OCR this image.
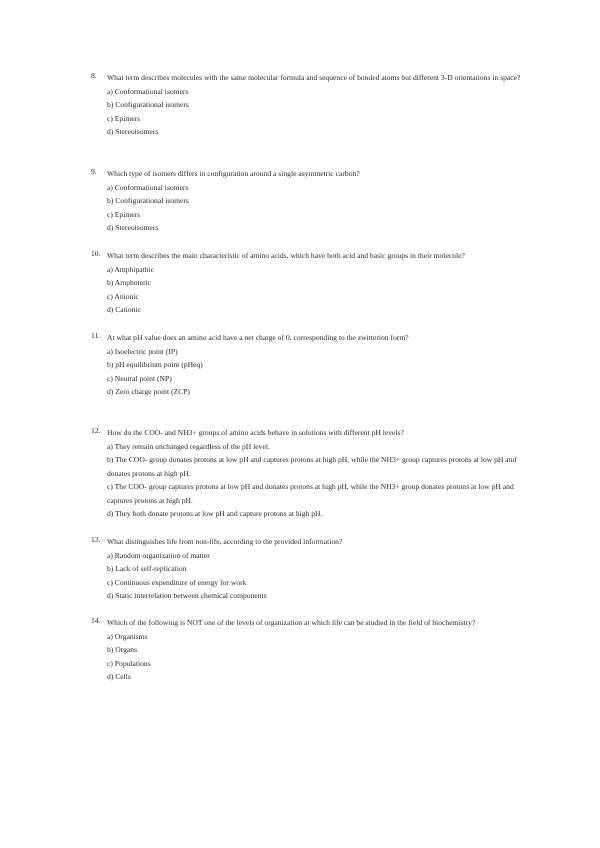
8. What term describes molecules with the same molecular formula and sequence of bonded atoms but different 3-D orientations in space?
a) Conformational isomers
b) Configurational isomers
c) Epimers
d) Stereoisomers
9. Which type of isomers differs in configuration around a single asymmetric carbon?
a) Conformational isomers
b) Configurational isomers
c) Epimers
d) Stereoisomers
10. What term describes the main characteristic of amino acids, which have both acid and basic groups in their molecule?
a) Amphipathic
b) Amphoteric
c) Anionic
d) Cationic
11. At what pH value does an amino acid have a net charge of 0, corresponding to the zwitterion form?
a) Isoelectric point (IP)
b) pH equilibrium point (pHeq)
c) Neutral point (NP)
d) Zero charge point (ZCP)
12. How do the COO- and NH3+ groups of amino acids behave in solutions with different pH levels?
a) They remain unchanged regardless of the pH level.
b) The COO- group donates protons at low pH and captures protons at high pH, while the NH3+ group captures protons at low pH and donates protons at high pH.
c) The COO- group captures protons at low pH and donates protons at high pH, while the NH3+ group donates protons at low pH and captures protons at high pH.
d) They both donate protons at low pH and capture protons at high pH.
13. What distinguishes life from non-life, according to the provided information?
a) Random organization of matter
b) Lack of self-replication
c) Continuous expenditure of energy for work
d) Static interrelation between chemical components
14. Which of the following is NOT one of the levels of organization at which life can be studied in the field of biochemistry?
a) Organisms
b) Organs
c) Populations
d) Cells
